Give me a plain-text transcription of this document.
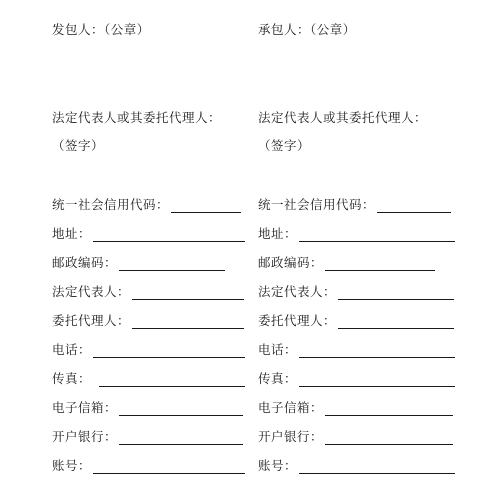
发包人：（公章）
法定代表人或其委托代理人：
（签字）
统一社会信用代码：
地址：
邮政编码：
法定代表人：
委托代理人：
电话：
传真：
电子信箱：
开户银行：
账号：
承包人：（公章）
法定代表人或其委托代理人：
（签字）
统一社会信用代码：
地址：
邮政编码：
法定代表人：
委托代理人：
电话：
传真：
电子信箱：
开户银行：
账号：
